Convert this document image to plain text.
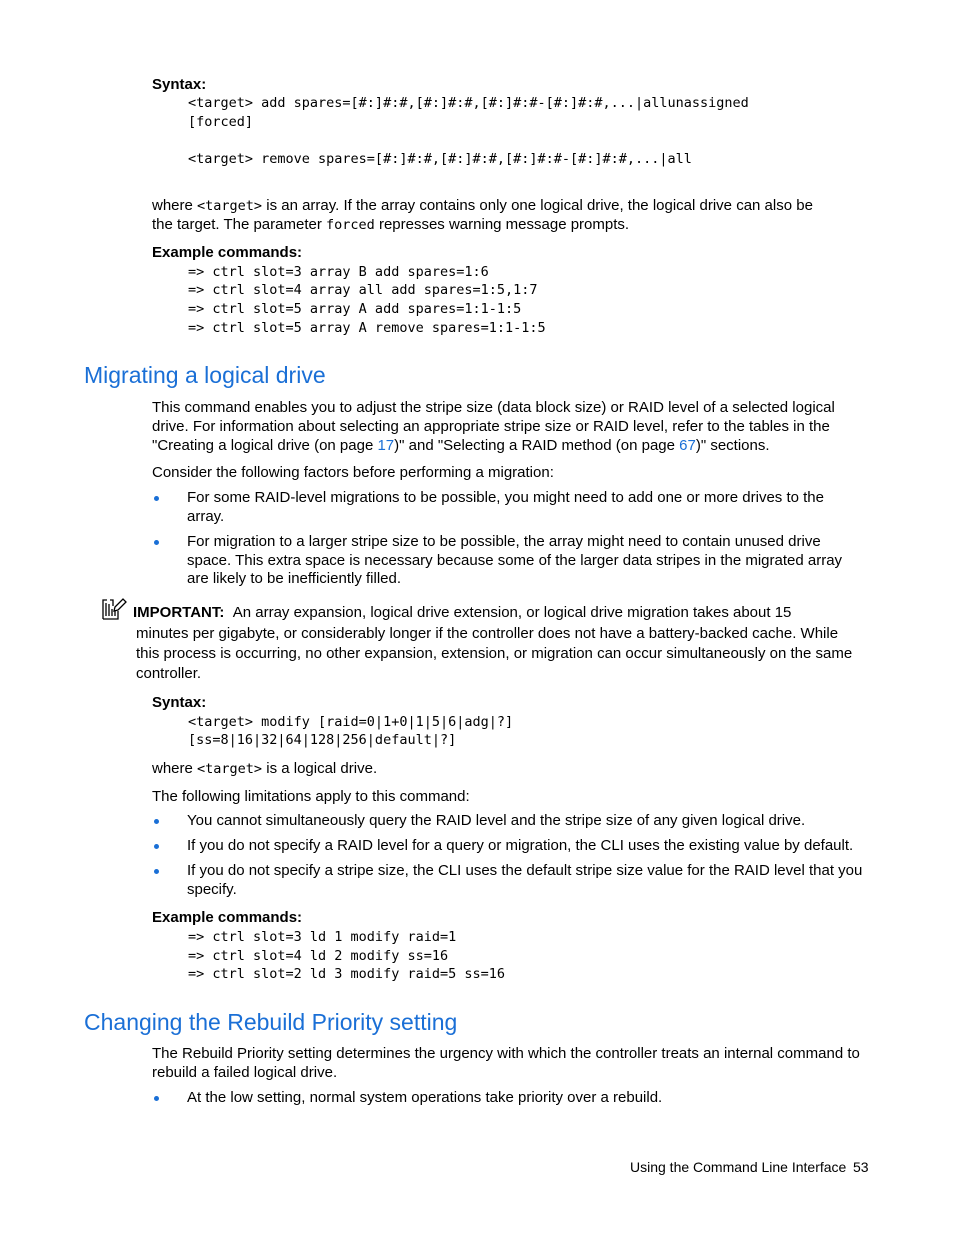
Syntax:
<target> add spares=[#:]#:#,[#:]#:#,[#:]#:#-[#:]#:#,...|allunassigned
[forced]
<target> remove spares=[#:]#:#,[#:]#:#,[#:]#:#-[#:]#:#,...|all
where <target> is an array. If the array contains only one logical drive, the logical drive can also be
the target. The parameter forced represses warning message prompts.
Example commands:
=> ctrl slot=3 array B add spares=1:6
=> ctrl slot=4 array all add spares=1:5,1:7
=> ctrl slot=5 array A add spares=1:1-1:5
=> ctrl slot=5 array A remove spares=1:1-1:5
Migrating a logical drive
This command enables you to adjust the stripe size (data block size) or RAID level of a selected logical
drive. For information about selecting an appropriate stripe size or RAID level, refer to the tables in the
"Creating a logical drive (on page 17)" and "Selecting a RAID method (on page 67)" sections.
Consider the following factors before performing a migration:
For some RAID-level migrations to be possible, you might need to add one or more drives to the
array.
For migration to a larger stripe size to be possible, the array might need to contain unused drive
space. This extra space is necessary because some of the larger data stripes in the migrated array
are likely to be inefficiently filled.
IMPORTANT: An array expansion, logical drive extension, or logical drive migration takes about 15
minutes per gigabyte, or considerably longer if the controller does not have a battery-backed cache. While
this process is occurring, no other expansion, extension, or migration can occur simultaneously on the same
controller.
Syntax:
<target> modify [raid=0|1+0|1|5|6|adg|?]
[ss=8|16|32|64|128|256|default|?]
where <target> is a logical drive.
The following limitations apply to this command:
You cannot simultaneously query the RAID level and the stripe size of any given logical drive.
If you do not specify a RAID level for a query or migration, the CLI uses the existing value by default.
If you do not specify a stripe size, the CLI uses the default stripe size value for the RAID level that you
specify.
Example commands:
=> ctrl slot=3 ld 1 modify raid=1
=> ctrl slot=4 ld 2 modify ss=16
=> ctrl slot=2 ld 3 modify raid=5 ss=16
Changing the Rebuild Priority setting
The Rebuild Priority setting determines the urgency with which the controller treats an internal command to
rebuild a failed logical drive.
At the low setting, normal system operations take priority over a rebuild.
Using the Command Line Interface 53
